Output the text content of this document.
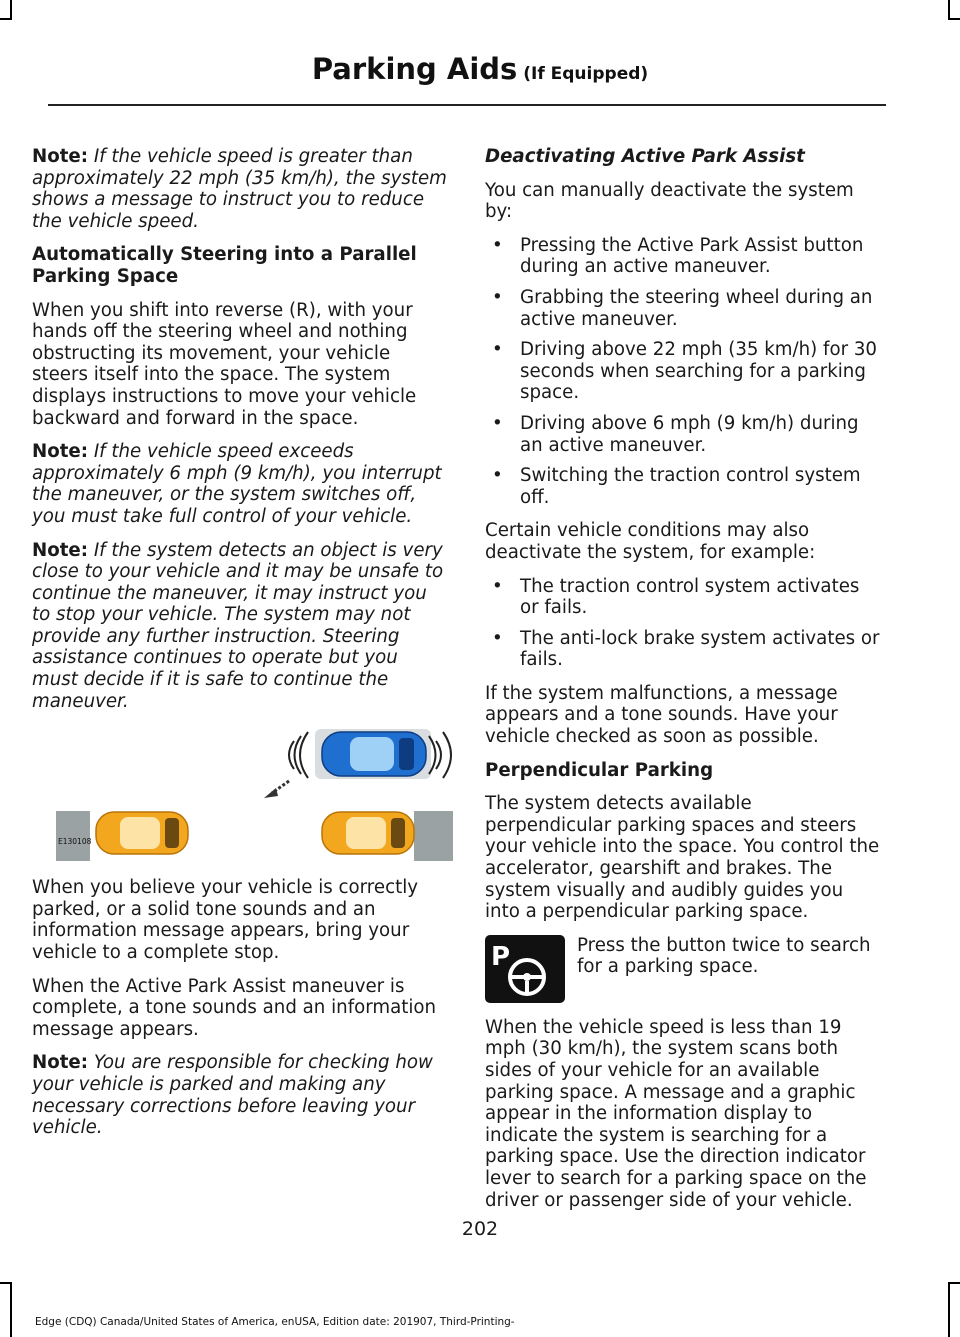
Parking Aids (If Equipped)

Note: If the vehicle speed is greater than approximately 22 mph (35 km/h), the system shows a message to instruct you to reduce the vehicle speed.

Automatically Steering into a Parallel Parking Space

When you shift into reverse (R), with your hands off the steering wheel and nothing obstructing its movement, your vehicle steers itself into the space. The system displays instructions to move your vehicle backward and forward in the space.

Note: If the vehicle speed exceeds approximately 6 mph (9 km/h), you interrupt the maneuver, or the system switches off, you must take full control of your vehicle.

Note: If the system detects an object is very close to your vehicle and it may be unsafe to continue the maneuver, it may instruct you to stop your vehicle. The system may not provide any further instruction. Steering assistance continues to operate but you must decide if it is safe to continue the maneuver.

E130108

When you believe your vehicle is correctly parked, or a solid tone sounds and an information message appears, bring your vehicle to a complete stop.

When the Active Park Assist maneuver is complete, a tone sounds and an information message appears.

Note: You are responsible for checking how your vehicle is parked and making any necessary corrections before leaving your vehicle.

Deactivating Active Park Assist

You can manually deactivate the system by:

• Pressing the Active Park Assist button during an active maneuver.
• Grabbing the steering wheel during an active maneuver.
• Driving above 22 mph (35 km/h) for 30 seconds when searching for a parking space.
• Driving above 6 mph (9 km/h) during an active maneuver.
• Switching the traction control system off.

Certain vehicle conditions may also deactivate the system, for example:

• The traction control system activates or fails.
• The anti-lock brake system activates or fails.

If the system malfunctions, a message appears and a tone sounds. Have your vehicle checked as soon as possible.

Perpendicular Parking

The system detects available perpendicular parking spaces and steers your vehicle into the space. You control the accelerator, gearshift and brakes. The system visually and audibly guides you into a perpendicular parking space.

P	Press the button twice to search for a parking space.

When the vehicle speed is less than 19 mph (30 km/h), the system scans both sides of your vehicle for an available parking space. A message and a graphic appear in the information display to indicate the system is searching for a parking space. Use the direction indicator lever to search for a parking space on the driver or passenger side of your vehicle.

202
Edge (CDQ) Canada/United States of America, enUSA, Edition date: 201907, Third-Printing-
